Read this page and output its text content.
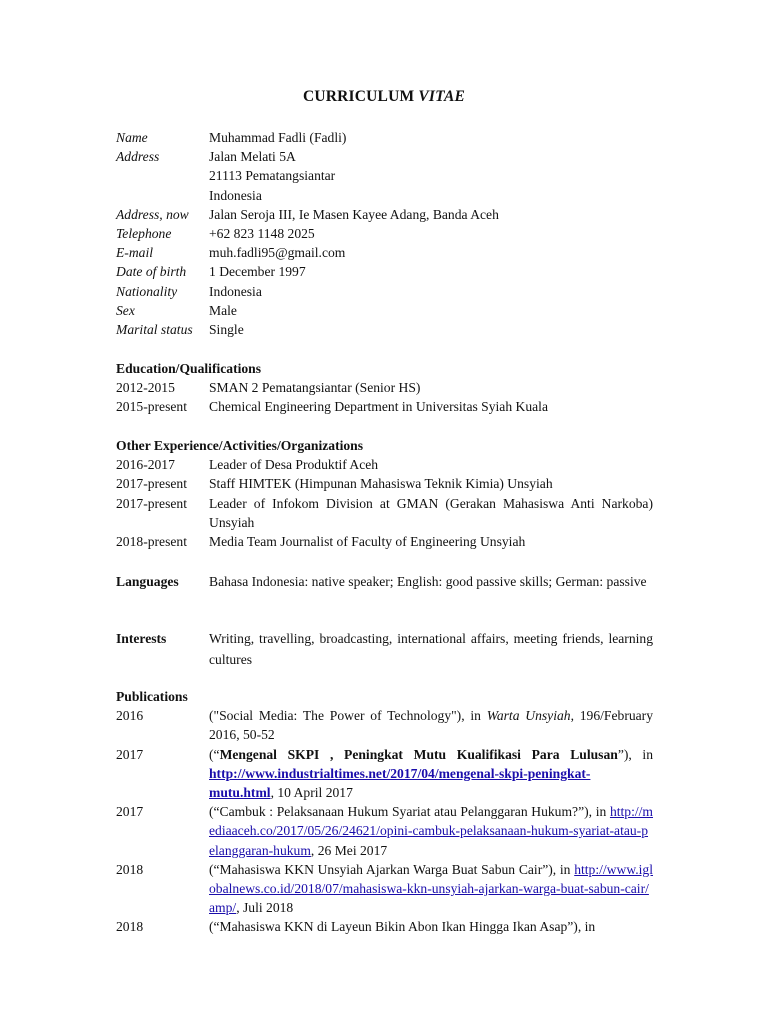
CURRICULUM VITAE
Name	Muhammad Fadli (Fadli)
Address	Jalan Melati 5A
21113 Pematangsiantar
Indonesia
Address, now	Jalan Seroja III, Ie Masen Kayee Adang, Banda Aceh
Telephone	+62 823 1148 2025
E-mail	muh.fadli95@gmail.com
Date of birth	1 December 1997
Nationality	Indonesia
Sex	Male
Marital status	Single
Education/Qualifications
2012-2015	SMAN 2 Pematangsiantar (Senior HS)
2015-present	Chemical Engineering Department in Universitas Syiah Kuala
Other Experience/Activities/Organizations
2016-2017	Leader of Desa Produktif Aceh
2017-present	Staff HIMTEK (Himpunan Mahasiswa Teknik Kimia) Unsyiah
2017-present	Leader of Infokom Division at GMAN (Gerakan Mahasiswa Anti Narkoba) Unsyiah
2018-present	Media Team Journalist of Faculty of Engineering Unsyiah
Languages	Bahasa Indonesia: native speaker; English: good passive skills; German: passive
Interests	Writing, travelling, broadcasting, international affairs, meeting friends, learning cultures
Publications
2016	("Social Media: The Power of Technology"), in Warta Unsyiah, 196/February 2016, 50-52
2017	(“Mengenal SKPI , Peningkat Mutu Kualifikasi Para Lulusan”), in http://www.industrialtimes.net/2017/04/mengenal-skpi-peningkat-mutu.html, 10 April 2017
2017	(“Cambuk : Pelaksanaan Hukum Syariat atau Pelanggaran Hukum?”), in http://mediaaceh.co/2017/05/26/24621/opini-cambuk-pelaksanaan-hukum-syariat-atau-pelanggaran-hukum, 26 Mei 2017
2018	(“Mahasiswa KKN Unsyiah Ajarkan Warga Buat Sabun Cair”), in http://www.iglobalnews.co.id/2018/07/mahasiswa-kkn-unsyiah-ajarkan-warga-buat-sabun-cair/amp/, Juli 2018
2018	(“Mahasiswa KKN di Layeun Bikin Abon Ikan Hingga Ikan Asap”), in
